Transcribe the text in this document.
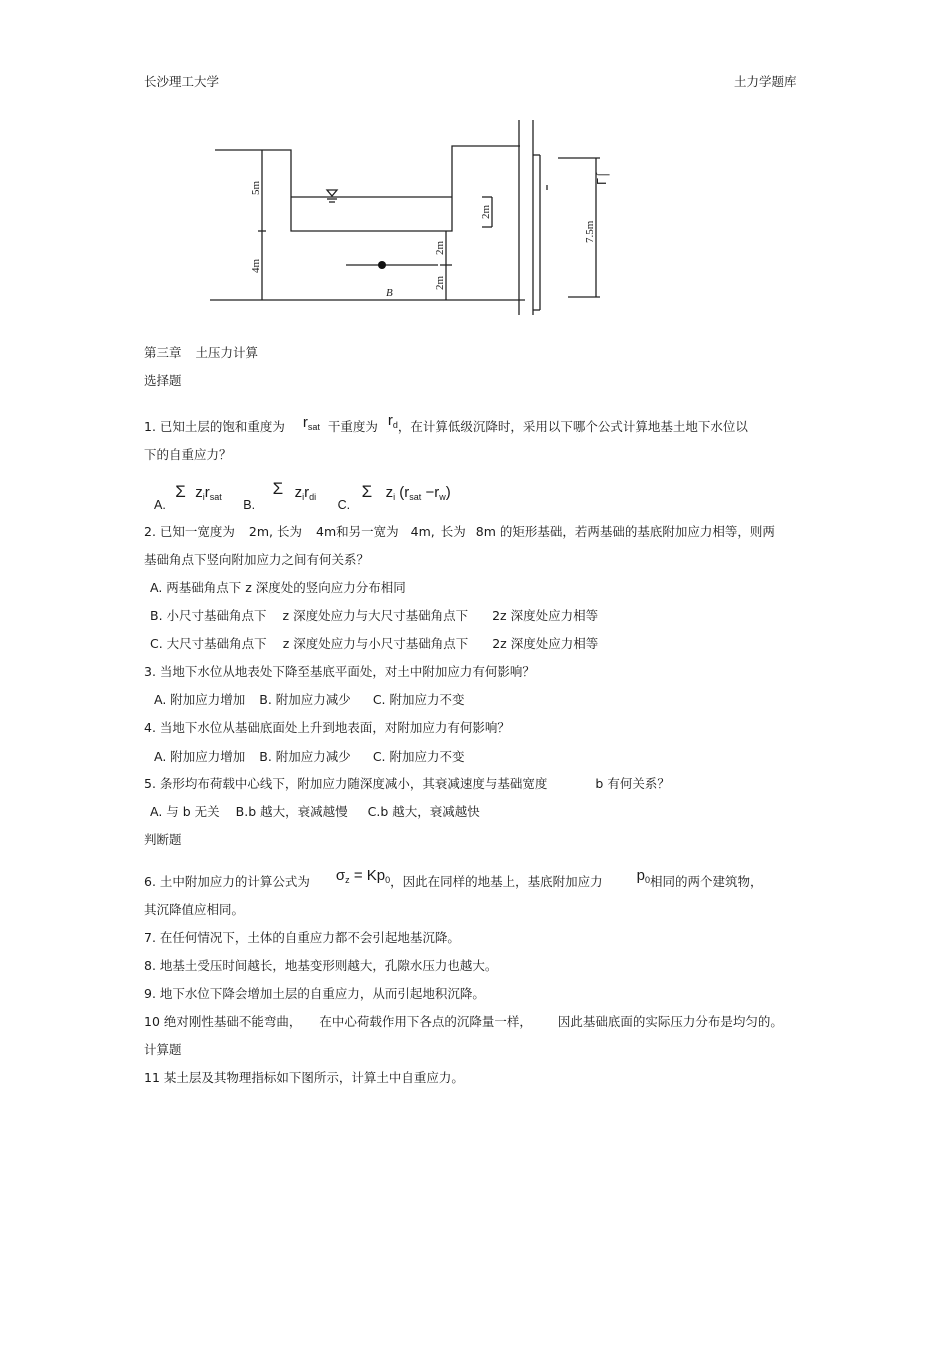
长沙理工大学	土力学题库
5m
4m
2m
2m
2m
7.5m
B
ᒥ⌠
第三章 土压力计算
选择题
1. 已知土层的饱和重度为 $r_{sat}$ 干重度为 $r_d$，在计算低级沉降时，采用以下哪个公式计算地基土地下水位以
下的自重应力？
A. Σ $z_ir_{sat}$ B. Σ $z_ir_{di}$ C. Σ $z_i$ $(r_{sat} -r_w)$
2. 已知一宽度为 2m, 长为 4m和另一宽为 4m, 长为 8m 的矩形基础，若两基础的基底附加应力相等，则两
基础角点下竖向附加应力之间有何关系？
A. 两基础角点下 z 深度处的竖向应力分布相同
B. 小尺寸基础角点下 z 深度处应力与大尺寸基础角点下 2z 深度处应力相等
C. 大尺寸基础角点下 z 深度处应力与小尺寸基础角点下 2z 深度处应力相等
3. 当地下水位从地表处下降至基底平面处，对土中附加应力有何影响？
A. 附加应力增加 B. 附加应力减少 C. 附加应力不变
4. 当地下水位从基础底面处上升到地表面，对附加应力有何影响？
A. 附加应力增加 B. 附加应力减少 C. 附加应力不变
5. 条形均布荷载中心线下，附加应力随深度减小，其衰减速度与基础宽度	b 有何关系？
A. 与 b 无关 B.b 越大，衰减越慢 C.b 越大，衰减越快
判断题
6. 土中附加应力的计算公式为 $\sigma_z = Kp_0$，因此在同样的地基上，基底附加应力 $p_0$相同的两个建筑物，
其沉降值应相同。
7. 在任何情况下，土体的自重应力都不会引起地基沉降。
8. 地基土受压时间越长，地基变形则越大，孔隙水压力也越大。
9. 地下水位下降会增加土层的自重应力，从而引起地积沉降。
10 绝对刚性基础不能弯曲， 在中心荷载作用下各点的沉降量一样， 因此基础底面的实际压力分布是均匀的。
计算题
11 某土层及其物理指标如下图所示，计算土中自重应力。
